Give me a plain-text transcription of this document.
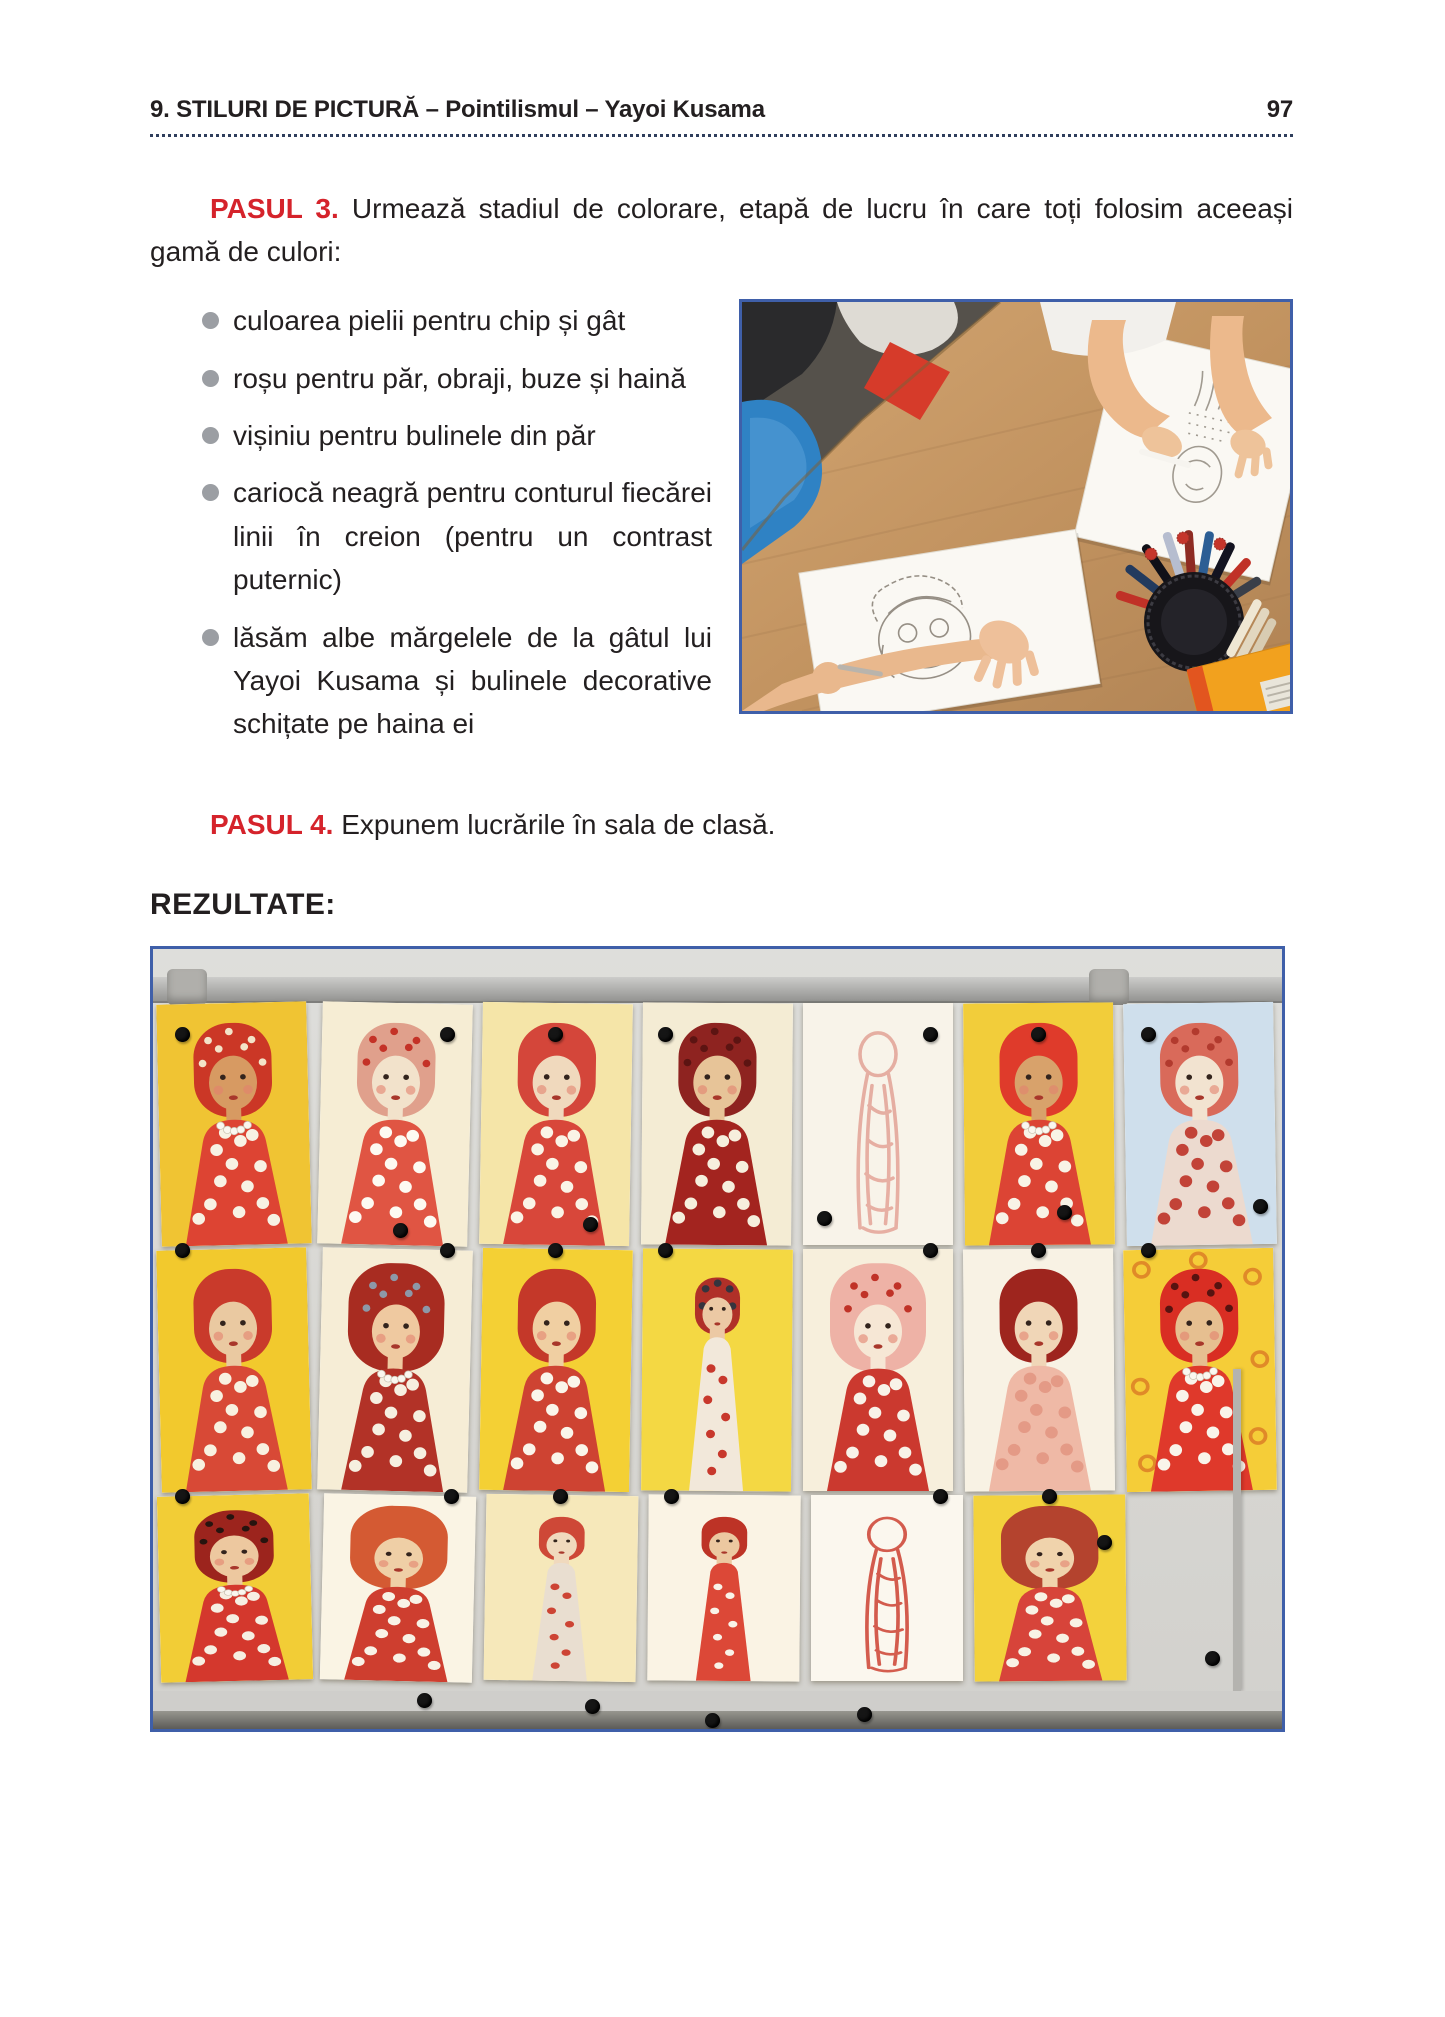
9. STILURI DE PICTURĂ – Pointilismul – Yayoi Kusama	97

PASUL 3. Urmează stadiul de colorare, etapă de lucru în care toți folosim aceeași gamă de culori:

culoarea pielii pentru chip și gât

roșu pentru păr, obraji, buze și haină

vișiniu pentru bulinele din păr

cariocă neagră pentru conturul fiecărei linii în creion (pentru un contrast puternic)

lăsăm albe mărgelele de la gâtul lui Yayoi Kusama și bulinele decorative schițate pe haina ei

PASUL 4. Expunem lucrările în sala de clasă.

REZULTATE:
